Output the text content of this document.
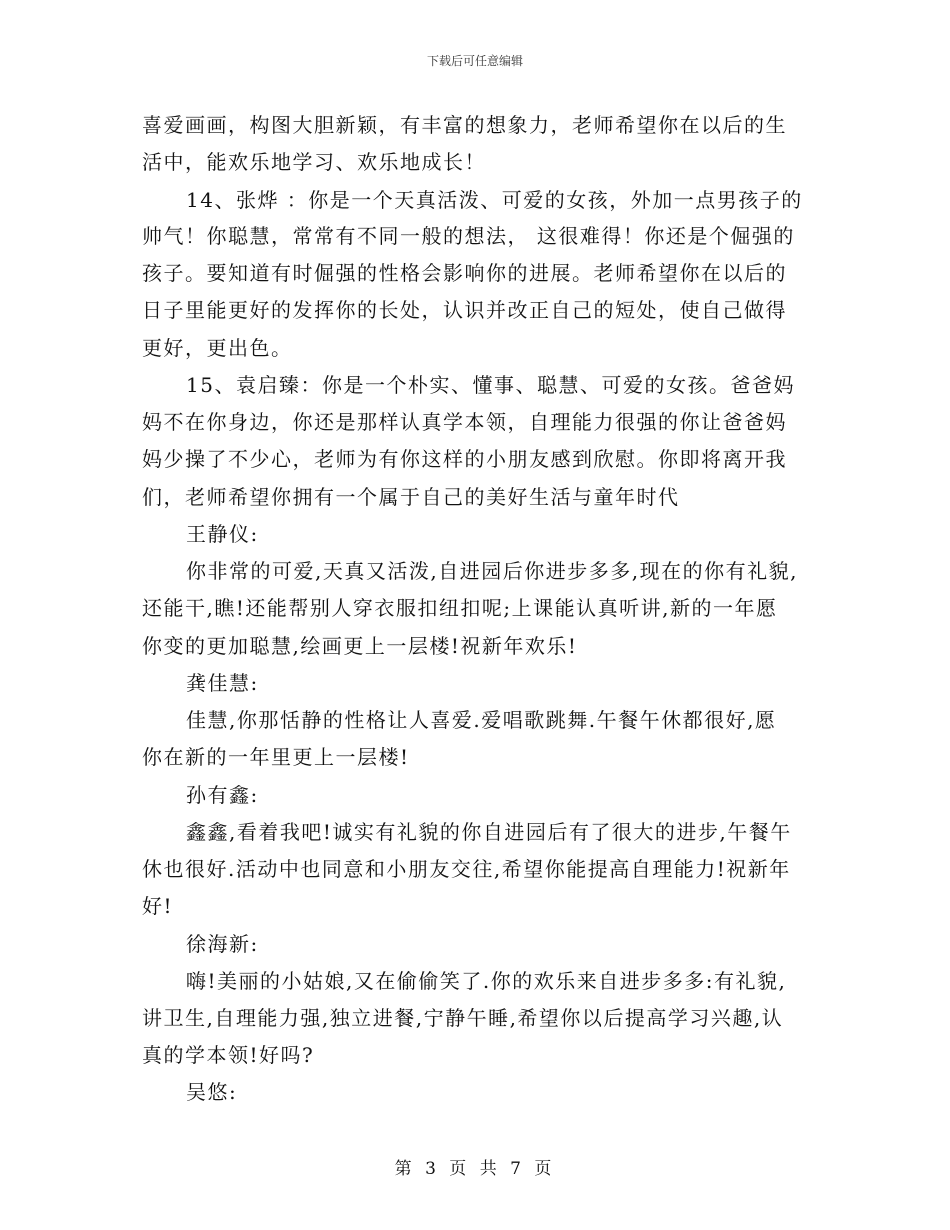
下载后可任意编辑
喜爱画画，构图大胆新颖，有丰富的想象力，老师希望你在以后的生
活中，能欢乐地学习、欢乐地成长！
14、张烨 ：你是一个天真活泼、可爱的女孩，外加一点男孩子的
帅气！你聪慧，常常有不同一般的想法， 这很难得！你还是个倔强的
孩子。要知道有时倔强的性格会影响你的进展。老师希望你在以后的
日子里能更好的发挥你的长处，认识并改正自己的短处，使自己做得
更好，更出色。
15、袁启臻：你是一个朴实、懂事、聪慧、可爱的女孩。爸爸妈
妈不在你身边，你还是那样认真学本领，自理能力很强的你让爸爸妈
妈少操了不少心，老师为有你这样的小朋友感到欣慰。你即将离开我
们，老师希望你拥有一个属于自己的美好生活与童年时代
王静仪:
你非常的可爱,天真又活泼,自进园后你进步多多,现在的你有礼貌,
还能干,瞧!还能帮别人穿衣服扣纽扣呢;上课能认真听讲,新的一年愿
你变的更加聪慧,绘画更上一层楼!祝新年欢乐!
龚佳慧:
佳慧,你那恬静的性格让人喜爱.爱唱歌跳舞.午餐午休都很好,愿
你在新的一年里更上一层楼!
孙有鑫:
鑫鑫,看着我吧!诚实有礼貌的你自进园后有了很大的进步,午餐午
休也很好.活动中也同意和小朋友交往,希望你能提高自理能力!祝新年
好!
徐海新:
嗨!美丽的小姑娘,又在偷偷笑了.你的欢乐来自进步多多:有礼貌,
讲卫生,自理能力强,独立进餐,宁静午睡,希望你以后提高学习兴趣,认
真的学本领!好吗?
吴悠:
第 3 页 共 7 页
